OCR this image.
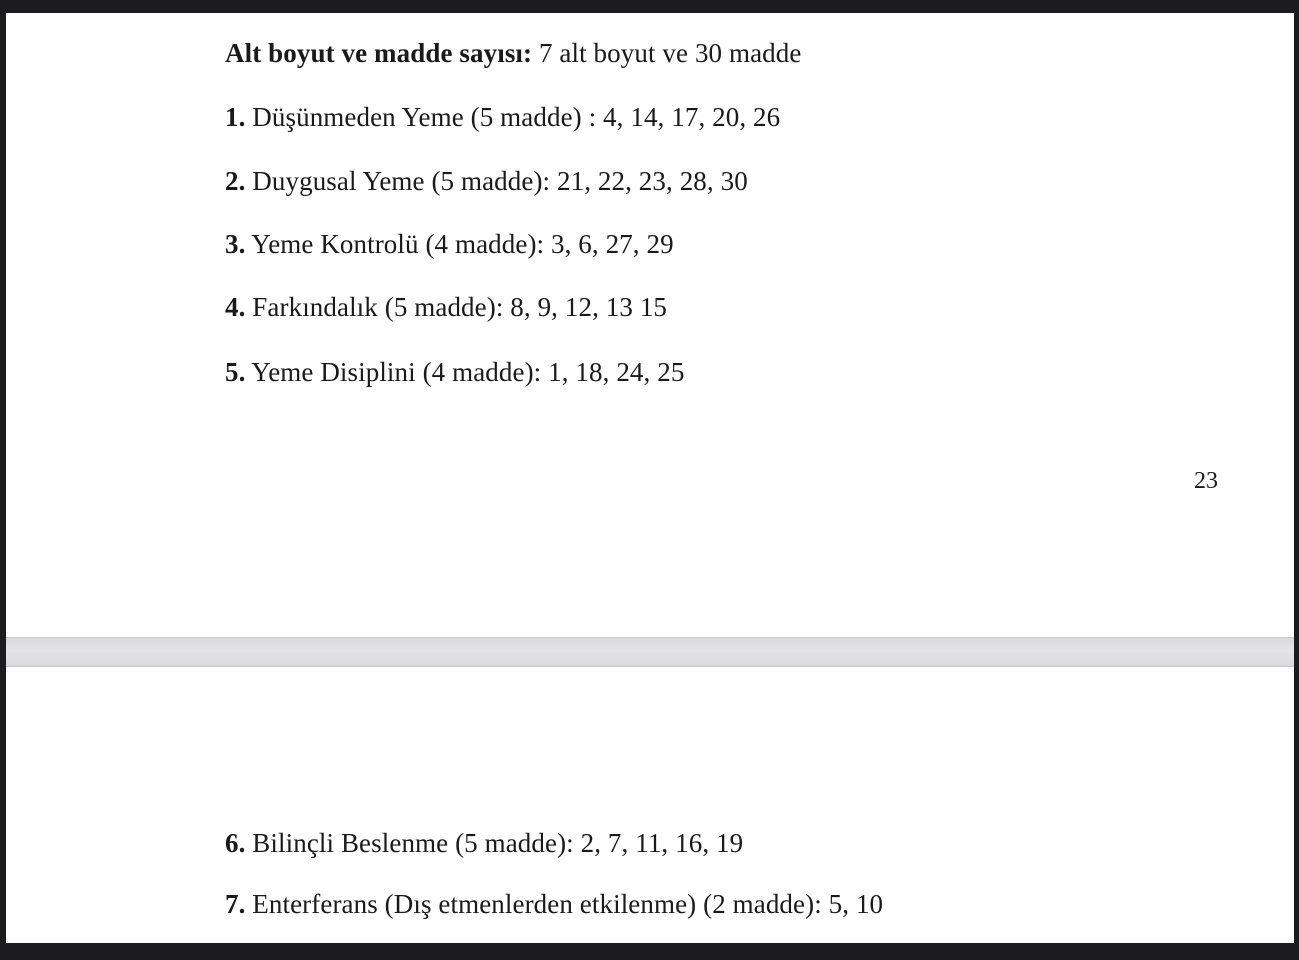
Alt boyut ve madde sayısı: 7 alt boyut ve 30 madde
1. Düşünmeden Yeme (5 madde) : 4, 14, 17, 20, 26
2. Duygusal Yeme (5 madde): 21, 22, 23, 28, 30
3. Yeme Kontrolü (4 madde): 3, 6, 27, 29
4. Farkındalık (5 madde): 8, 9, 12, 13 15
5. Yeme Disiplini (4 madde): 1, 18, 24, 25
23
6. Bilinçli Beslenme (5 madde): 2, 7, 11, 16, 19
7. Enterferans (Dış etmenlerden etkilenme) (2 madde): 5, 10
